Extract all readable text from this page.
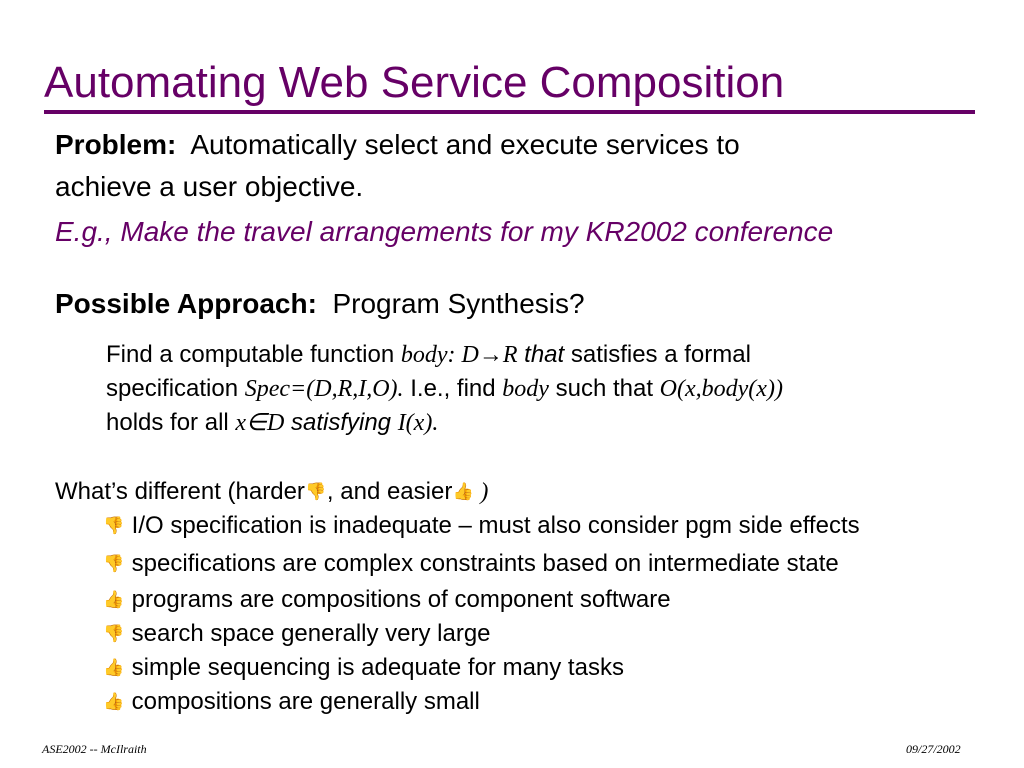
Automating Web Service Composition
Problem: Automatically select and execute services to
achieve a user objective.
E.g., Make the travel arrangements for my KR2002 conference
Possible Approach: Program Synthesis?
Find a computable function body: D→R that satisfies a formal
specification Spec=(D,R,I,O). I.e., find body such that O(x,body(x))
holds for all x∈D satisfying I(x).
What’s different (harder👎, and easier👍 )
👎 I/O specification is inadequate – must also consider pgm side effects
👎 specifications are complex constraints based on intermediate state
👍 programs are compositions of component software
👎 search space generally very large
👍 simple sequencing is adequate for many tasks
👍 compositions are generally small
ASE2002 -- McIlraith	09/27/2002
